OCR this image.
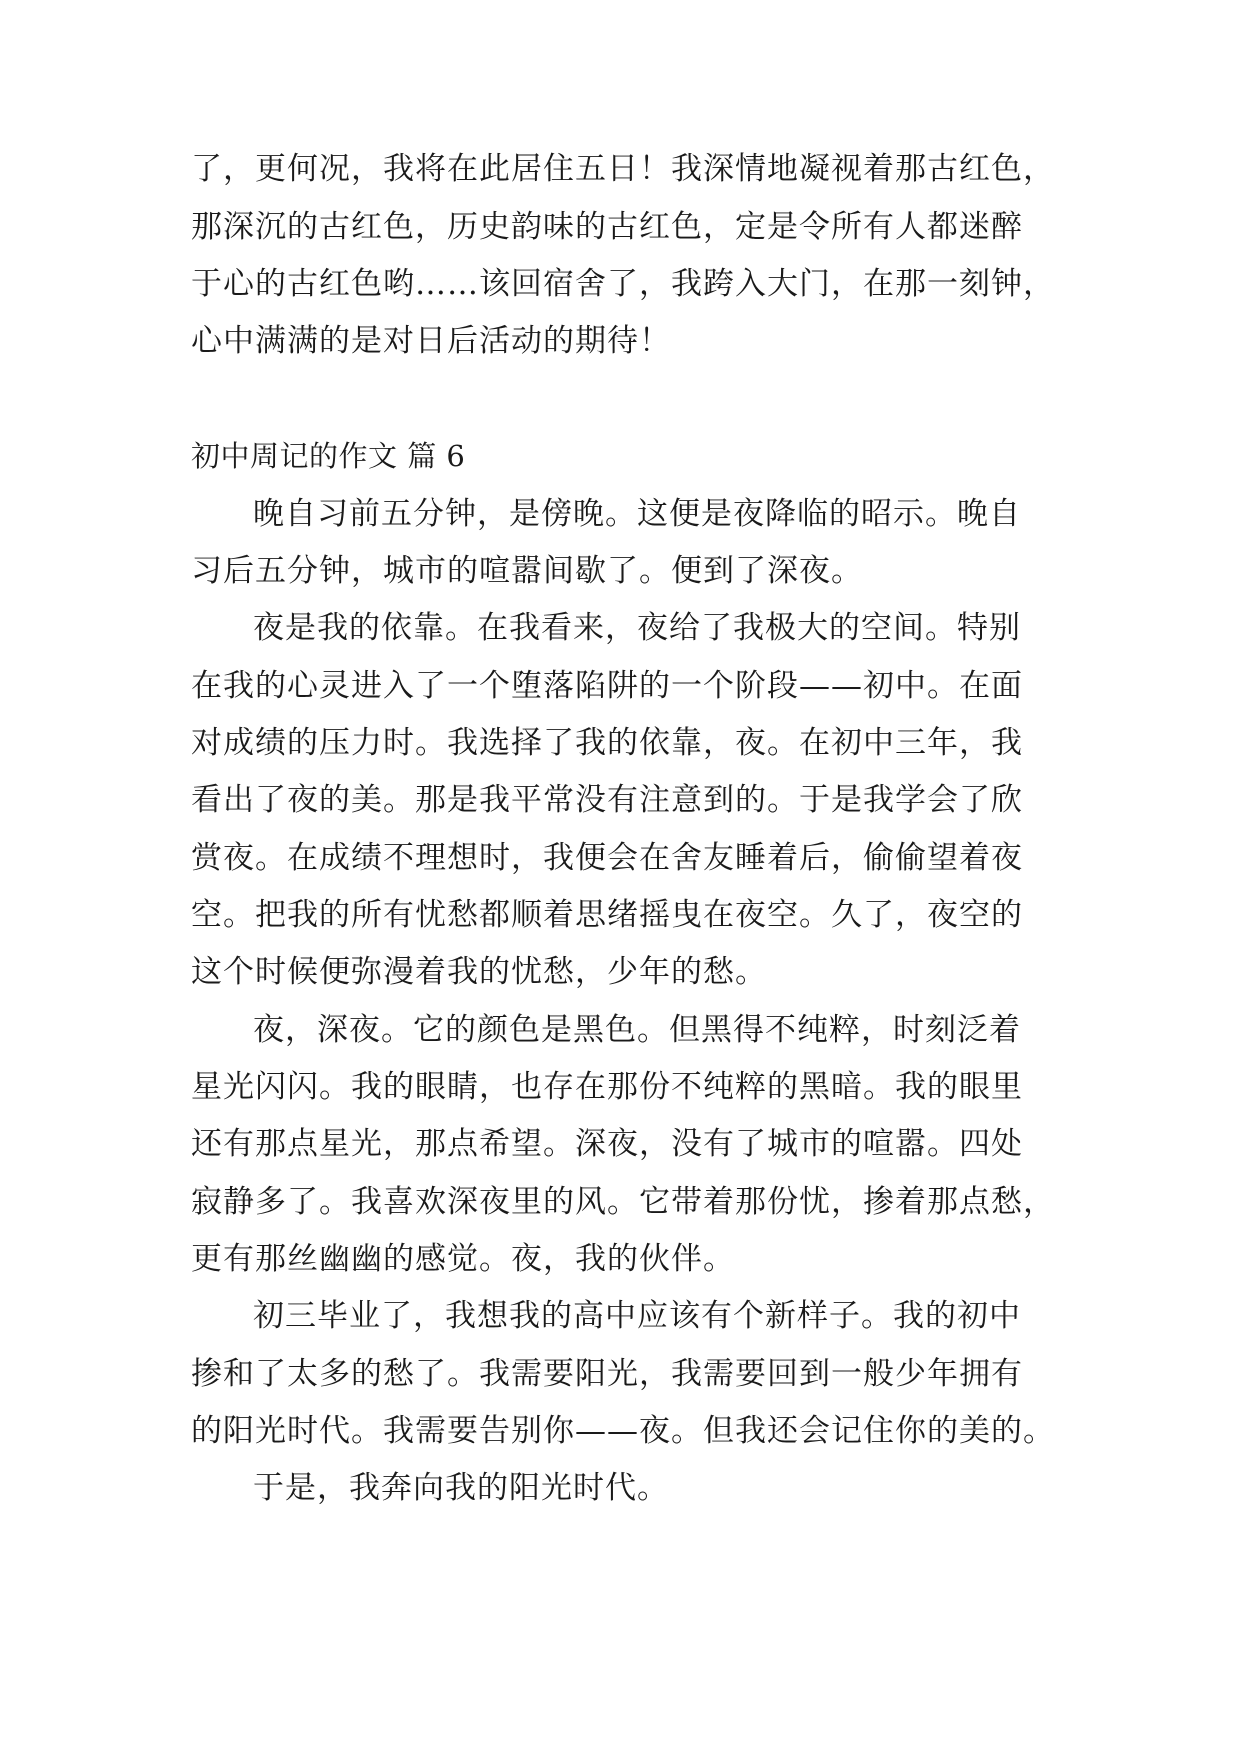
了，更何况，我将在此居住五日！我深情地凝视着那古红色，
那深沉的古红色，历史韵味的古红色，定是令所有人都迷醉
于心的古红色哟……该回宿舍了，我跨入大门，在那一刻钟，
心中满满的是对日后活动的期待！
初中周记的作文 篇 6
晚自习前五分钟，是傍晚。这便是夜降临的昭示。晚自
习后五分钟，城市的喧嚣间歇了。便到了深夜。
夜是我的依靠。在我看来，夜给了我极大的空间。特别
在我的心灵进入了一个堕落陷阱的一个阶段——初中。在面
对成绩的压力时。我选择了我的依靠，夜。在初中三年，我
看出了夜的美。那是我平常没有注意到的。于是我学会了欣
赏夜。在成绩不理想时，我便会在舍友睡着后，偷偷望着夜
空。把我的所有忧愁都顺着思绪摇曳在夜空。久了，夜空的
这个时候便弥漫着我的忧愁，少年的愁。
夜，深夜。它的颜色是黑色。但黑得不纯粹，时刻泛着
星光闪闪。我的眼睛，也存在那份不纯粹的黑暗。我的眼里
还有那点星光，那点希望。深夜，没有了城市的喧嚣。四处
寂静多了。我喜欢深夜里的风。它带着那份忧，掺着那点愁，
更有那丝幽幽的感觉。夜，我的伙伴。
初三毕业了，我想我的高中应该有个新样子。我的初中
掺和了太多的愁了。我需要阳光，我需要回到一般少年拥有
的阳光时代。我需要告别你——夜。但我还会记住你的美的。
于是，我奔向我的阳光时代。
